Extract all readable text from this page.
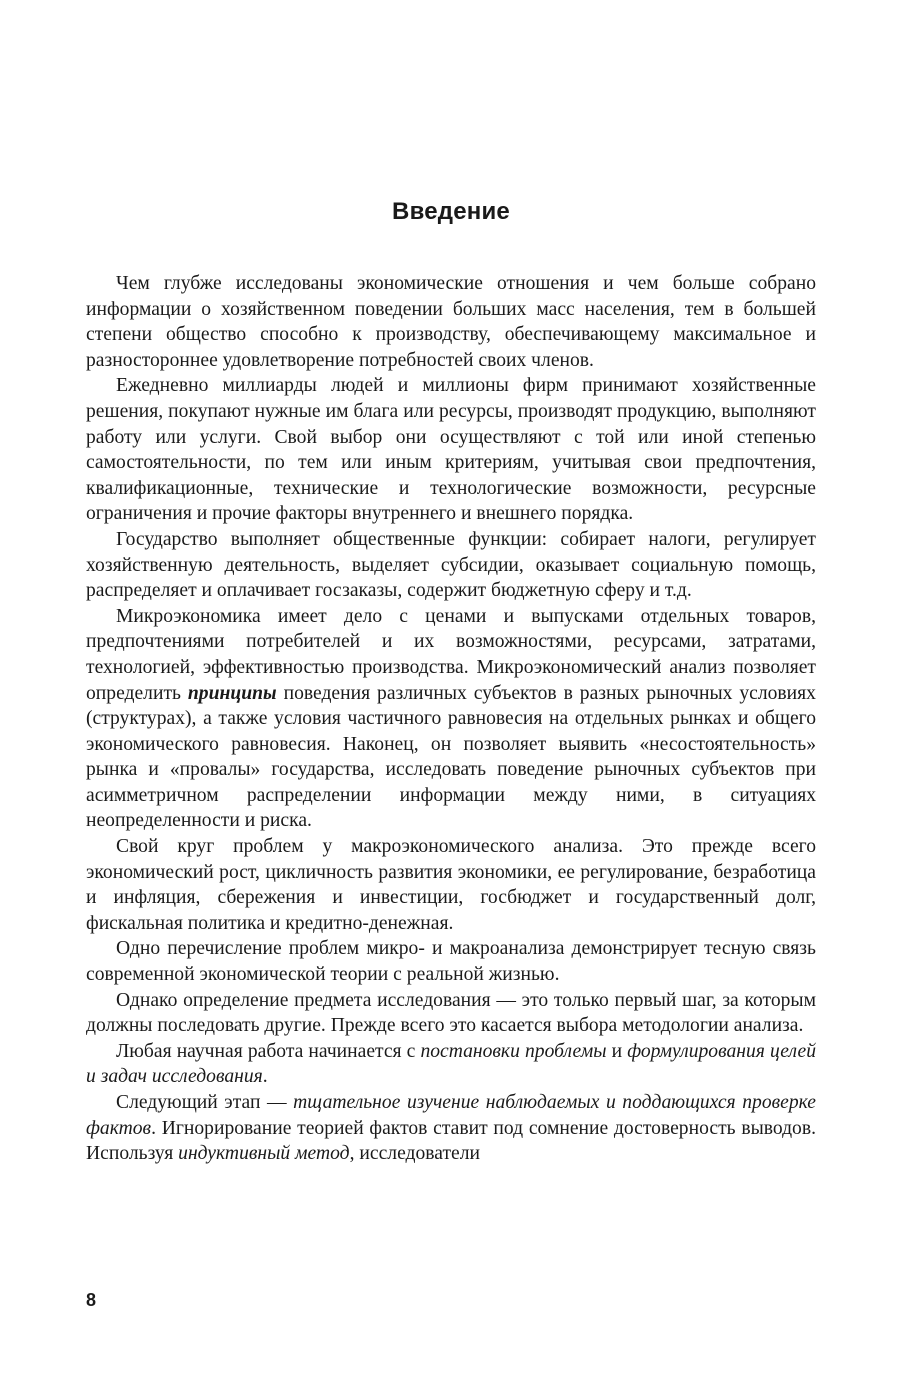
Введение

Чем глубже исследованы экономические отношения и чем больше собрано информации о хозяйственном поведении больших масс населения, тем в большей степени общество способно к производству, обеспечивающему максимальное и разностороннее удовлетворение потребностей своих членов.

Ежедневно миллиарды людей и миллионы фирм принимают хозяйственные решения, покупают нужные им блага или ресурсы, производят продукцию, выполняют работу или услуги. Свой выбор они осуществляют с той или иной степенью самостоятельности, по тем или иным критериям, учитывая свои предпочтения, квалификационные, технические и технологические возможности, ресурсные ограничения и прочие факторы внутреннего и внешнего порядка.

Государство выполняет общественные функции: собирает налоги, регулирует хозяйственную деятельность, выделяет субсидии, оказывает социальную помощь, распределяет и оплачивает госзаказы, содержит бюджетную сферу и т.д.

Микроэкономика имеет дело с ценами и выпусками отдельных товаров, предпочтениями потребителей и их возможностями, ресурсами, затратами, технологией, эффективностью производства. Микроэкономический анализ позволяет определить принципы поведения различных субъектов в разных рыночных условиях (структурах), а также условия частичного равновесия на отдельных рынках и общего экономического равновесия. Наконец, он позволяет выявить «несостоятельность» рынка и «провалы» государства, исследовать поведение рыночных субъектов при асимметричном распределении информации между ними, в ситуациях неопределенности и риска.

Свой круг проблем у макроэкономического анализа. Это прежде всего экономический рост, цикличность развития экономики, ее регулирование, безработица и инфляция, сбережения и инвестиции, госбюджет и государственный долг, фискальная политика и кредитно-денежная.

Одно перечисление проблем микро- и макроанализа демонстрирует тесную связь современной экономической теории с реальной жизнью.

Однако определение предмета исследования — это только первый шаг, за которым должны последовать другие. Прежде всего это касается выбора методологии анализа.

Любая научная работа начинается с постановки проблемы и формулирования целей и задач исследования.

Следующий этап — тщательное изучение наблюдаемых и поддающихся проверке фактов. Игнорирование теорией фактов ставит под сомнение достоверность выводов. Используя индуктивный метод, исследователи

8
